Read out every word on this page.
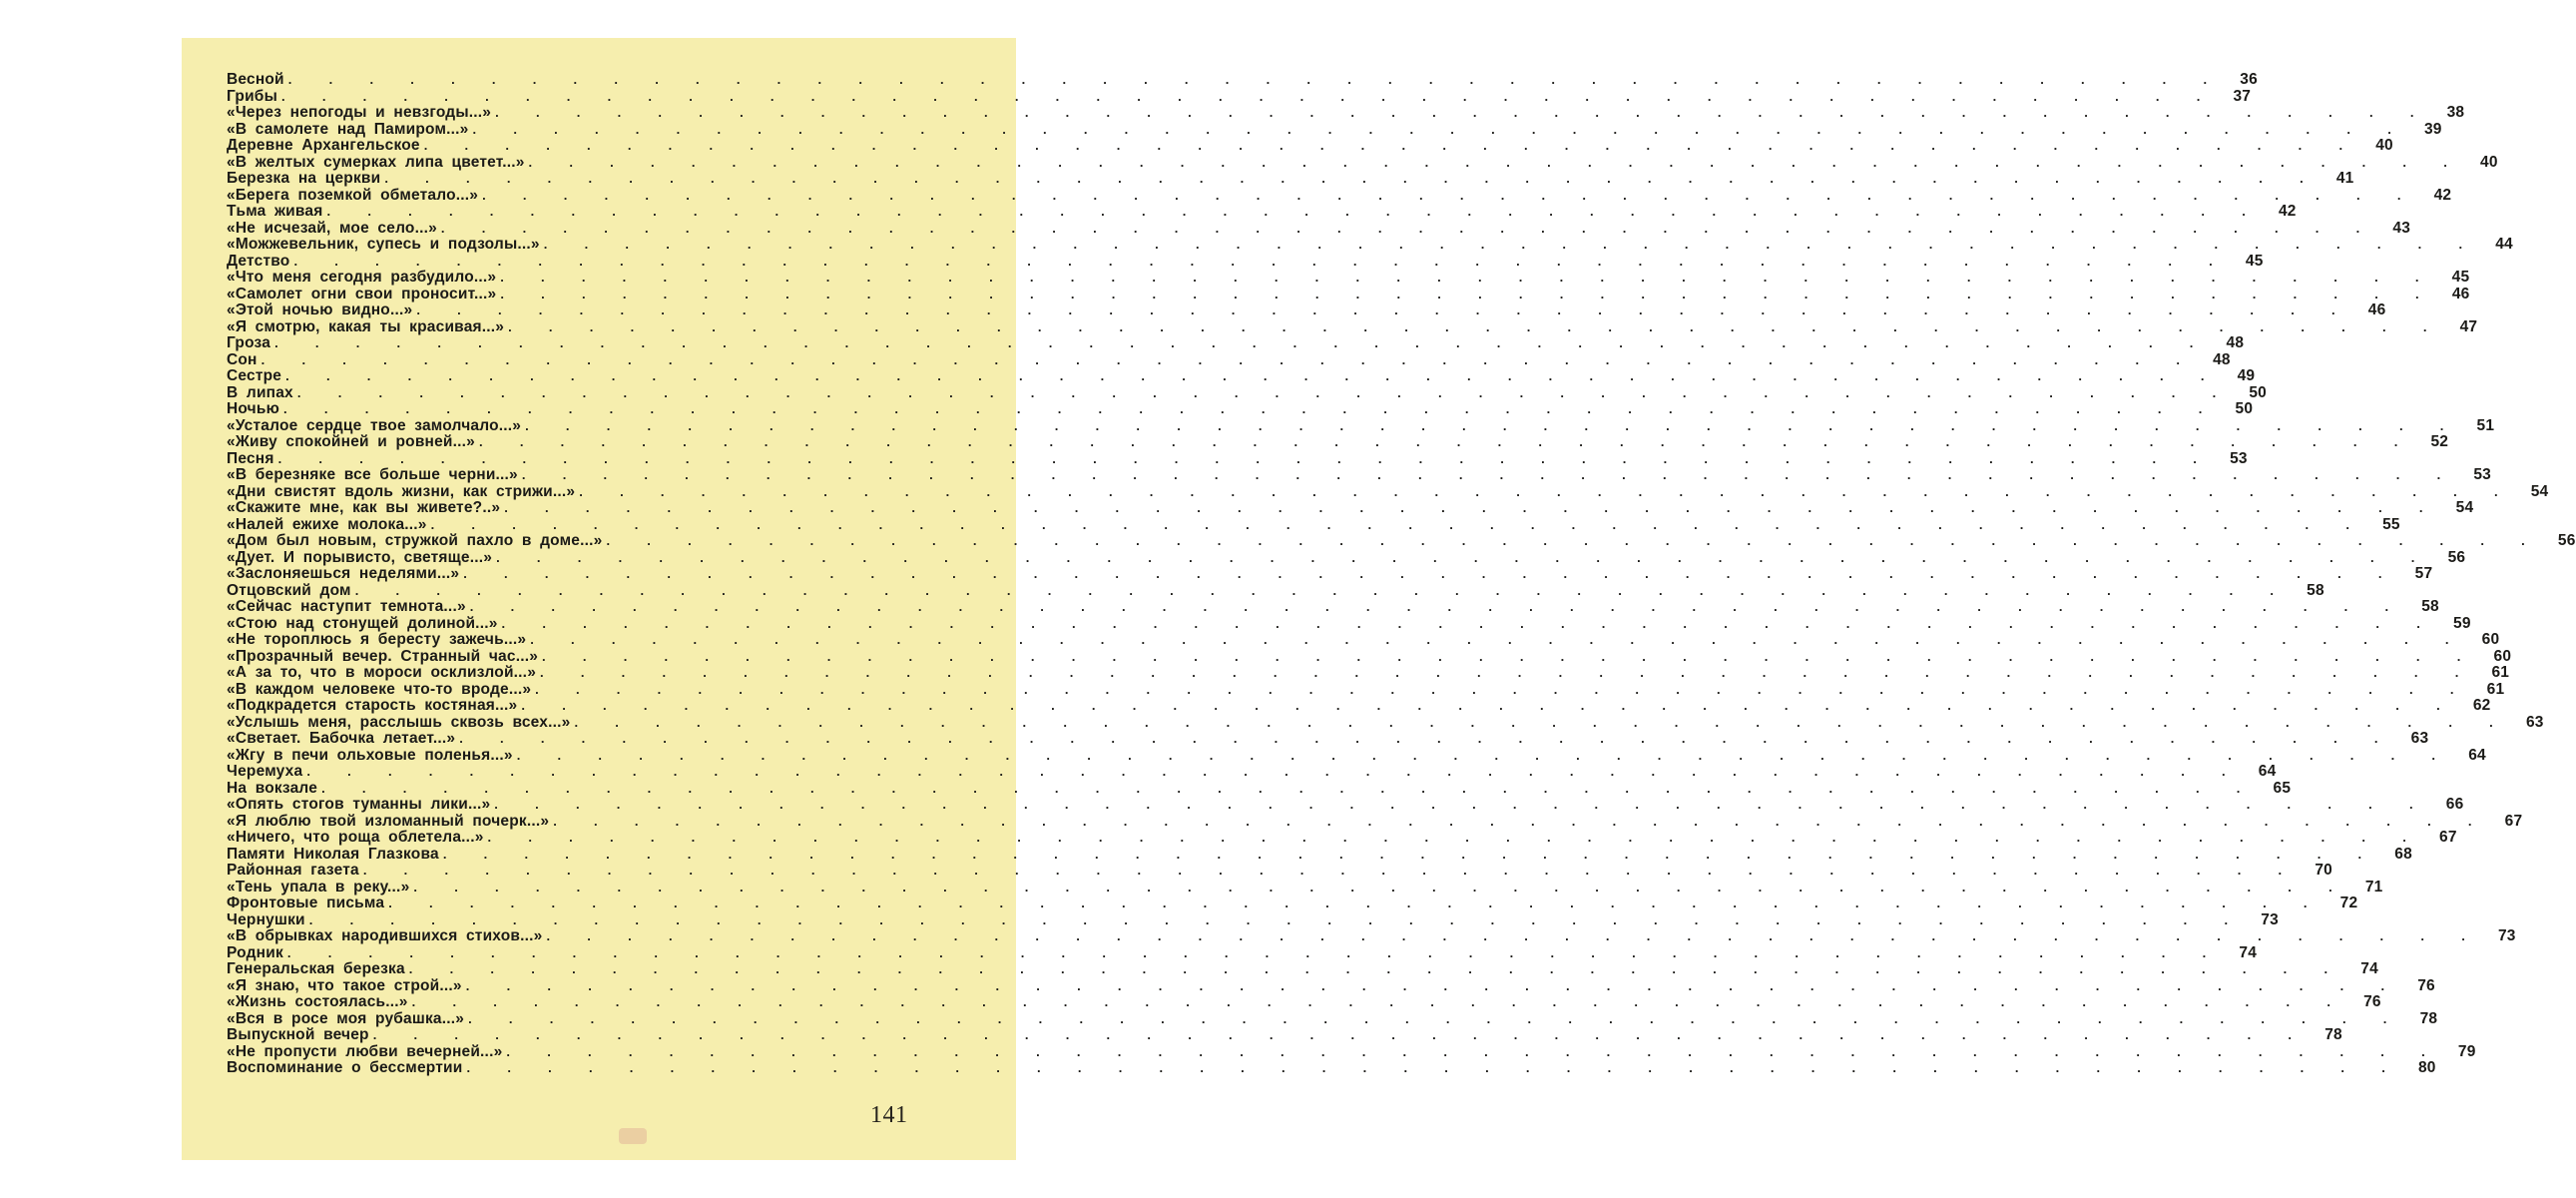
Весной . . . . . . . . . . . . . . . . . . . . . . . . . . . . . . . . . . . . . . . . . . . . . . . .	36
Грибы . . . . . . . . . . . . . . . . . . . . . . . . . . . . . . . . . . . . . . . . . . . . . . . .	37
«Через непогоды и невзгоды...» . . . . . . . . . . . . . . . . . . . . . . . . . . . . . . . . . . . . . . . . . . . . . . . .	38
«В самолете над Памиром...» . . . . . . . . . . . . . . . . . . . . . . . . . . . . . . . . . . . . . . . . . . . . . . . .	39
Деревне Архангельское . . . . . . . . . . . . . . . . . . . . . . . . . . . . . . . . . . . . . . . . . . . . . . . .	40
«В желтых сумерках липа цветет...» . . . . . . . . . . . . . . . . . . . . . . . . . . . . . . . . . . . . . . . . . . . . . . . .	40
Березка на церкви . . . . . . . . . . . . . . . . . . . . . . . . . . . . . . . . . . . . . . . . . . . . . . . .	41
«Берега поземкой обметало...» . . . . . . . . . . . . . . . . . . . . . . . . . . . . . . . . . . . . . . . . . . . . . . . .	42
Тьма живая . . . . . . . . . . . . . . . . . . . . . . . . . . . . . . . . . . . . . . . . . . . . . . . .	42
«Не исчезай, мое село...» . . . . . . . . . . . . . . . . . . . . . . . . . . . . . . . . . . . . . . . . . . . . . . . .	43
«Можжевельник, супесь и подзолы...» . . . . . . . . . . . . . . . . . . . . . . . . . . . . . . . . . . . . . . . . . . . . . . . .	44
Детство . . . . . . . . . . . . . . . . . . . . . . . . . . . . . . . . . . . . . . . . . . . . . . . .	45
«Что меня сегодня разбудило...» . . . . . . . . . . . . . . . . . . . . . . . . . . . . . . . . . . . . . . . . . . . . . . . .	45
«Самолет огни свои проносит...» . . . . . . . . . . . . . . . . . . . . . . . . . . . . . . . . . . . . . . . . . . . . . . . .	46
«Этой ночью видно...» . . . . . . . . . . . . . . . . . . . . . . . . . . . . . . . . . . . . . . . . . . . . . . . .	46
«Я смотрю, какая ты красивая...» . . . . . . . . . . . . . . . . . . . . . . . . . . . . . . . . . . . . . . . . . . . . . . . .	47
Гроза . . . . . . . . . . . . . . . . . . . . . . . . . . . . . . . . . . . . . . . . . . . . . . . .	48
Сон . . . . . . . . . . . . . . . . . . . . . . . . . . . . . . . . . . . . . . . . . . . . . . . .	48
Сестре . . . . . . . . . . . . . . . . . . . . . . . . . . . . . . . . . . . . . . . . . . . . . . . .	49
В липах . . . . . . . . . . . . . . . . . . . . . . . . . . . . . . . . . . . . . . . . . . . . . . . .	50
Ночью . . . . . . . . . . . . . . . . . . . . . . . . . . . . . . . . . . . . . . . . . . . . . . . .	50
«Усталое сердце твое замолчало...» . . . . . . . . . . . . . . . . . . . . . . . . . . . . . . . . . . . . . . . . . . . . . . . .	51
«Живу спокойней и ровней...» . . . . . . . . . . . . . . . . . . . . . . . . . . . . . . . . . . . . . . . . . . . . . . . .	52
Песня . . . . . . . . . . . . . . . . . . . . . . . . . . . . . . . . . . . . . . . . . . . . . . . .	53
«В березняке все больше черни...» . . . . . . . . . . . . . . . . . . . . . . . . . . . . . . . . . . . . . . . . . . . . . . . .	53
«Дни свистят вдоль жизни, как стрижи...» . . . . . . . . . . . . . . . . . . . . . . . . . . . . . . . . . . . . . . . . . . . . . . . .	54
«Скажите мне, как вы живете?..» . . . . . . . . . . . . . . . . . . . . . . . . . . . . . . . . . . . . . . . . . . . . . . . .	54
«Налей ежихе молока...» . . . . . . . . . . . . . . . . . . . . . . . . . . . . . . . . . . . . . . . . . . . . . . . .	55
«Дом был новым, стружкой пахло в доме...» . . . . . . . . . . . . . . . . . . . . . . . . . . . . . . . . . . . . . . . . . . . . . . . .	56
«Дует. И порывисто, светяще...» . . . . . . . . . . . . . . . . . . . . . . . . . . . . . . . . . . . . . . . . . . . . . . . .	56
«Заслоняешься неделями...» . . . . . . . . . . . . . . . . . . . . . . . . . . . . . . . . . . . . . . . . . . . . . . . .	57
Отцовский дом . . . . . . . . . . . . . . . . . . . . . . . . . . . . . . . . . . . . . . . . . . . . . . . .	58
«Сейчас наступит темнота...» . . . . . . . . . . . . . . . . . . . . . . . . . . . . . . . . . . . . . . . . . . . . . . . .	58
«Стою над стонущей долиной...» . . . . . . . . . . . . . . . . . . . . . . . . . . . . . . . . . . . . . . . . . . . . . . . .	59
«Не тороплюсь я бересту зажечь...» . . . . . . . . . . . . . . . . . . . . . . . . . . . . . . . . . . . . . . . . . . . . . . . .	60
«Прозрачный вечер. Странный час...» . . . . . . . . . . . . . . . . . . . . . . . . . . . . . . . . . . . . . . . . . . . . . . . .	60
«А за то, что в мороси осклизлой...» . . . . . . . . . . . . . . . . . . . . . . . . . . . . . . . . . . . . . . . . . . . . . . . .	61
«В каждом человеке что-то вроде...» . . . . . . . . . . . . . . . . . . . . . . . . . . . . . . . . . . . . . . . . . . . . . . . .	61
«Подкрадется старость костяная...» . . . . . . . . . . . . . . . . . . . . . . . . . . . . . . . . . . . . . . . . . . . . . . . .	62
«Услышь меня, расслышь сквозь всех...» . . . . . . . . . . . . . . . . . . . . . . . . . . . . . . . . . . . . . . . . . . . . . . . .	63
«Светает. Бабочка летает...» . . . . . . . . . . . . . . . . . . . . . . . . . . . . . . . . . . . . . . . . . . . . . . . .	63
«Жгу в печи ольховые поленья...» . . . . . . . . . . . . . . . . . . . . . . . . . . . . . . . . . . . . . . . . . . . . . . . .	64
Черемуха . . . . . . . . . . . . . . . . . . . . . . . . . . . . . . . . . . . . . . . . . . . . . . . .	64
На вокзале . . . . . . . . . . . . . . . . . . . . . . . . . . . . . . . . . . . . . . . . . . . . . . . .	65
«Опять стогов туманны лики...» . . . . . . . . . . . . . . . . . . . . . . . . . . . . . . . . . . . . . . . . . . . . . . . .	66
«Я люблю твой изломанный почерк...» . . . . . . . . . . . . . . . . . . . . . . . . . . . . . . . . . . . . . . . . . . . . . . . .	67
«Ничего, что роща облетела...» . . . . . . . . . . . . . . . . . . . . . . . . . . . . . . . . . . . . . . . . . . . . . . . .	67
Памяти Николая Глазкова . . . . . . . . . . . . . . . . . . . . . . . . . . . . . . . . . . . . . . . . . . . . . . . .	68
Районная газета . . . . . . . . . . . . . . . . . . . . . . . . . . . . . . . . . . . . . . . . . . . . . . . .	70
«Тень упала в реку...» . . . . . . . . . . . . . . . . . . . . . . . . . . . . . . . . . . . . . . . . . . . . . . . .	71
Фронтовые письма . . . . . . . . . . . . . . . . . . . . . . . . . . . . . . . . . . . . . . . . . . . . . . . .	72
Чернушки . . . . . . . . . . . . . . . . . . . . . . . . . . . . . . . . . . . . . . . . . . . . . . . .	73
«В обрывках народившихся стихов...» . . . . . . . . . . . . . . . . . . . . . . . . . . . . . . . . . . . . . . . . . . . . . . . .	73
Родник . . . . . . . . . . . . . . . . . . . . . . . . . . . . . . . . . . . . . . . . . . . . . . . .	74
Генеральская березка . . . . . . . . . . . . . . . . . . . . . . . . . . . . . . . . . . . . . . . . . . . . . . . .	74
«Я знаю, что такое строй...» . . . . . . . . . . . . . . . . . . . . . . . . . . . . . . . . . . . . . . . . . . . . . . . .	76
«Жизнь состоялась...» . . . . . . . . . . . . . . . . . . . . . . . . . . . . . . . . . . . . . . . . . . . . . . . .	76
«Вся в росе моя рубашка...» . . . . . . . . . . . . . . . . . . . . . . . . . . . . . . . . . . . . . . . . . . . . . . . .	78
Выпускной вечер . . . . . . . . . . . . . . . . . . . . . . . . . . . . . . . . . . . . . . . . . . . . . . . .	78
«Не пропусти любви вечерней...» . . . . . . . . . . . . . . . . . . . . . . . . . . . . . . . . . . . . . . . . . . . . . . . .	79
Воспоминание о бессмертии . . . . . . . . . . . . . . . . . . . . . . . . . . . . . . . . . . . . . . . . . . . . . . . .	80
141
